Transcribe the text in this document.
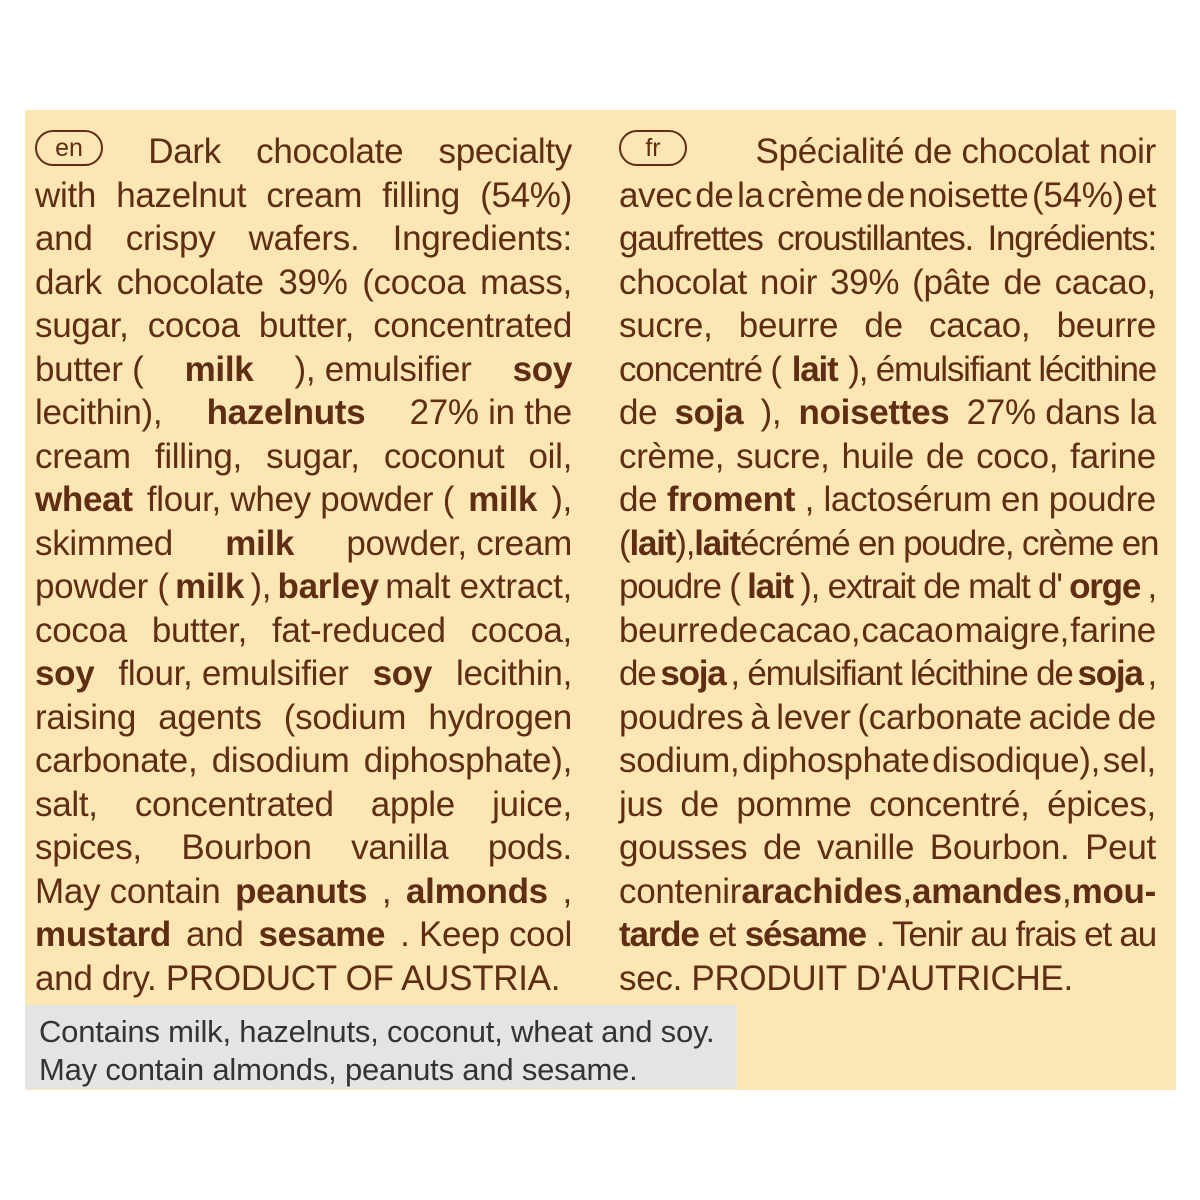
en	Dark chocolate specialty
with hazelnut cream filling (54%)
and crispy wafers. Ingredients:
dark chocolate 39% (cocoa mass,
sugar, cocoa butter, concentrated
butter ( milk ), emulsifier soy
lecithin), hazelnuts 27% in the
cream filling, sugar, coconut oil,
wheat flour, whey powder ( milk ),
skimmed milk powder, cream
powder ( milk ), barley malt extract,
cocoa butter, fat-reduced cocoa,
soy flour, emulsifier soy lecithin,
raising agents (sodium hydrogen
carbonate, disodium diphosphate),
salt, concentrated apple juice,
spices, Bourbon vanilla pods.
May contain peanuts , almonds ,
mustard and sesame . Keep cool
and dry. PRODUCT OF AUSTRIA.
fr	Spécialité de chocolat noir
avec de la crème de noisette (54%) et
gaufrettes croustillantes. Ingrédients:
chocolat noir 39% (pâte de cacao,
sucre, beurre de cacao, beurre
concentré ( lait ), émulsifiant lécithine
de soja ), noisettes 27% dans la
crème, sucre, huile de coco, farine
de froment , lactosérum en poudre
( lait ), lait écrémé en poudre, crème en
poudre ( lait ), extrait de malt d' orge ,
beurre de cacao, cacao maigre, farine
de soja , émulsifiant lécithine de soja ,
poudres à lever (carbonate acide de
sodium, diphosphate disodique), sel,
jus de pomme concentré, épices,
gousses de vanille Bourbon. Peut
contenir arachides , amandes , mou-
tarde et sésame . Tenir au frais et au
sec. PRODUIT D'AUTRICHE.
Contains milk, hazelnuts, coconut, wheat and soy.
May contain almonds, peanuts and sesame.
